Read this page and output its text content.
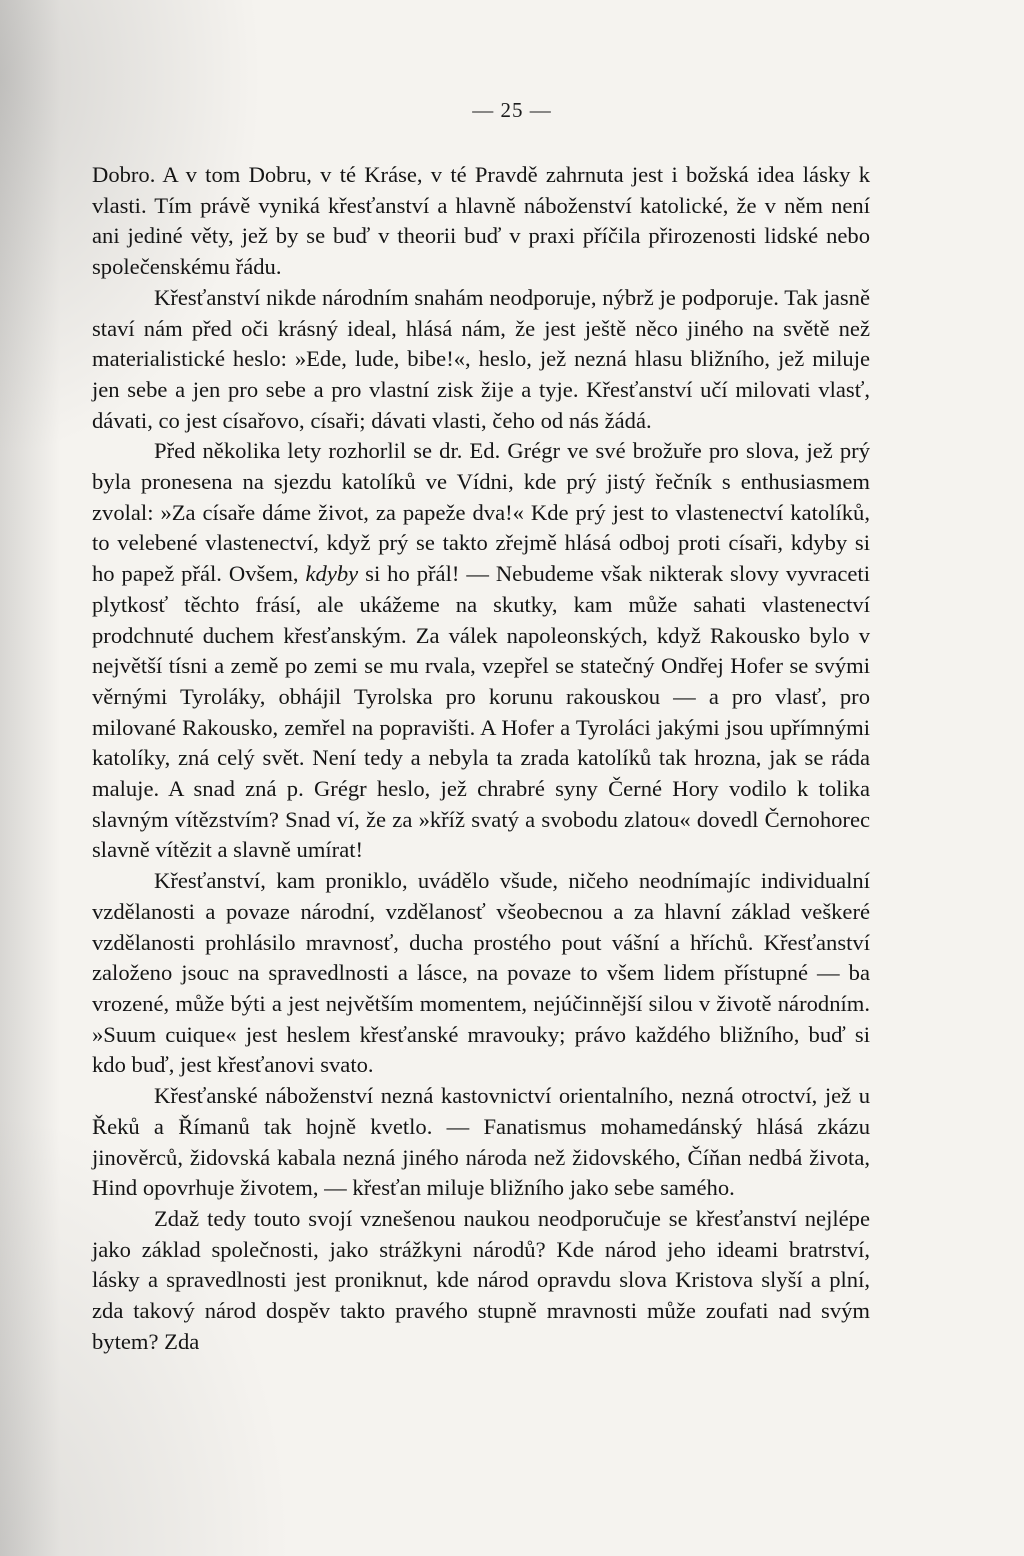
— 25 —

Dobro. A v tom Dobru, v té Kráse, v té Pravdě zahrnuta jest i božská idea lásky k vlasti. Tím právě vyniká křesťanství a hlavně náboženství katolické, že v něm není ani jediné věty, jež by se buď v theorii buď v praxi příčila přirozenosti lidské nebo společenskému řádu.

Křesťanství nikde národním snahám neodporuje, nýbrž je podporuje. Tak jasně staví nám před oči krásný ideal, hlásá nám, že jest ještě něco jiného na světě než materialistické heslo: »Ede, lude, bibe!«, heslo, jež nezná hlasu bližního, jež miluje jen sebe a jen pro sebe a pro vlastní zisk žije a tyje. Křesťanství učí milovati vlasť, dávati, co jest císařovo, císaři; dávati vlasti, čeho od nás žádá.

Před několika lety rozhorlil se dr. Ed. Grégr ve své brožuře pro slova, jež prý byla pronesena na sjezdu katolíků ve Vídni, kde prý jistý řečník s enthusiasmem zvolal: »Za císaře dáme život, za papeže dva!« Kde prý jest to vlastenectví katolíků, to velebené vlastenectví, když prý se takto zřejmě hlásá odboj proti císaři, kdyby si ho papež přál. Ovšem, kdyby si ho přál! — Nebudeme však nikterak slovy vyvraceti plytkosť těchto frásí, ale ukážeme na skutky, kam může sahati vlastenectví prodchnuté duchem křesťanským. Za válek napoleonských, když Rakousko bylo v největší tísni a země po zemi se mu rvala, vzepřel se statečný Ondřej Hofer se svými věrnými Tyroláky, obhájil Tyrolska pro korunu rakouskou — a pro vlasť, pro milované Rakousko, zemřel na popravišti. A Hofer a Tyroláci jakými jsou upřímnými katolíky, zná celý svět. Není tedy a nebyla ta zrada katolíků tak hrozna, jak se ráda maluje. A snad zná p. Grégr heslo, jež chrabré syny Černé Hory vodilo k tolika slavným vítězstvím? Snad ví, že za »kříž svatý a svobodu zlatou« dovedl Černohorec slavně vítězit a slavně umírat!

Křesťanství, kam proniklo, uvádělo všude, ničeho neodnímajíc individualní vzdělanosti a povaze národní, vzdělanosť všeobecnou a za hlavní základ veškeré vzdělanosti prohlásilo mravnosť, ducha prostého pout vášní a hříchů. Křesťanství založeno jsouc na spravedlnosti a lásce, na povaze to všem lidem přístupné — ba vrozené, může býti a jest největším momentem, nejúčinnější silou v životě národním. »Suum cuique« jest heslem křesťanské mravouky; právo každého bližního, buď si kdo buď, jest křesťanovi svato.

Křesťanské náboženství nezná kastovnictví orientalního, nezná otroctví, jež u Řeků a Římanů tak hojně kvetlo. — Fanatismus mohamedánský hlásá zkázu jinověrců, židovská kabala nezná jiného národa než židovského, Číňan nedbá života, Hind opovrhuje životem, — křesťan miluje bližního jako sebe samého.

Zdaž tedy touto svojí vznešenou naukou neodporučuje se křesťanství nejlépe jako základ společnosti, jako strážkyni národů? Kde národ jeho ideami bratrství, lásky a spravedlnosti jest proniknut, kde národ opravdu slova Kristova slyší a plní, zda takový národ dospěv takto pravého stupně mravnosti může zoufati nad svým bytem? Zda
